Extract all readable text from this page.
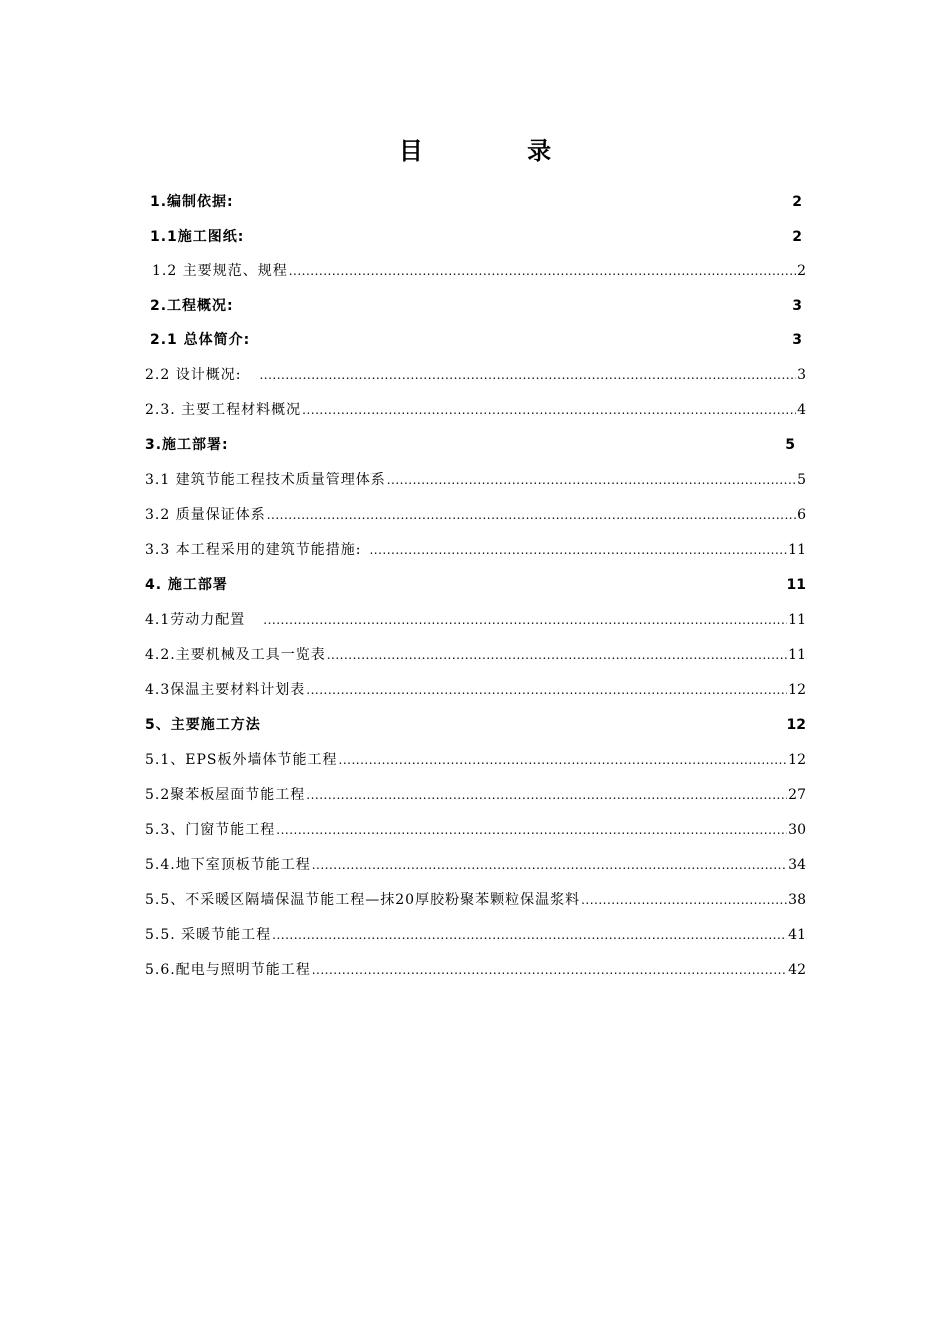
目 录
1.编制依据:	2
1.1施工图纸:	2
1.2 主要规范、规程 .....	2
2.工程概况:	3
2.1 总体简介:	3
2.2 设计概况: .....	3
2.3. 主要工程材料概况 .....	4
3.施工部署:	5
3.1 建筑节能工程技术质量管理体系 .....	5
3.2 质量保证体系 .....	6
3.3 本工程采用的建筑节能措施: .....	11
4. 施工部署	11
4.1劳动力配置 .....	11
4.2.主要机械及工具一览表 .....	11
4.3保温主要材料计划表 .....	12
5、主要施工方法	12
5.1、EPS板外墙体节能工程 .....	12
5.2聚苯板屋面节能工程 .....	27
5.3、门窗节能工程 .....	30
5.4.地下室顶板节能工程 .....	34
5.5、不采暖区隔墙保温节能工程—抹20厚胶粉聚苯颗粒保温浆料 .....	38
5.5. 采暖节能工程 .....	41
5.6.配电与照明节能工程 .....	42
